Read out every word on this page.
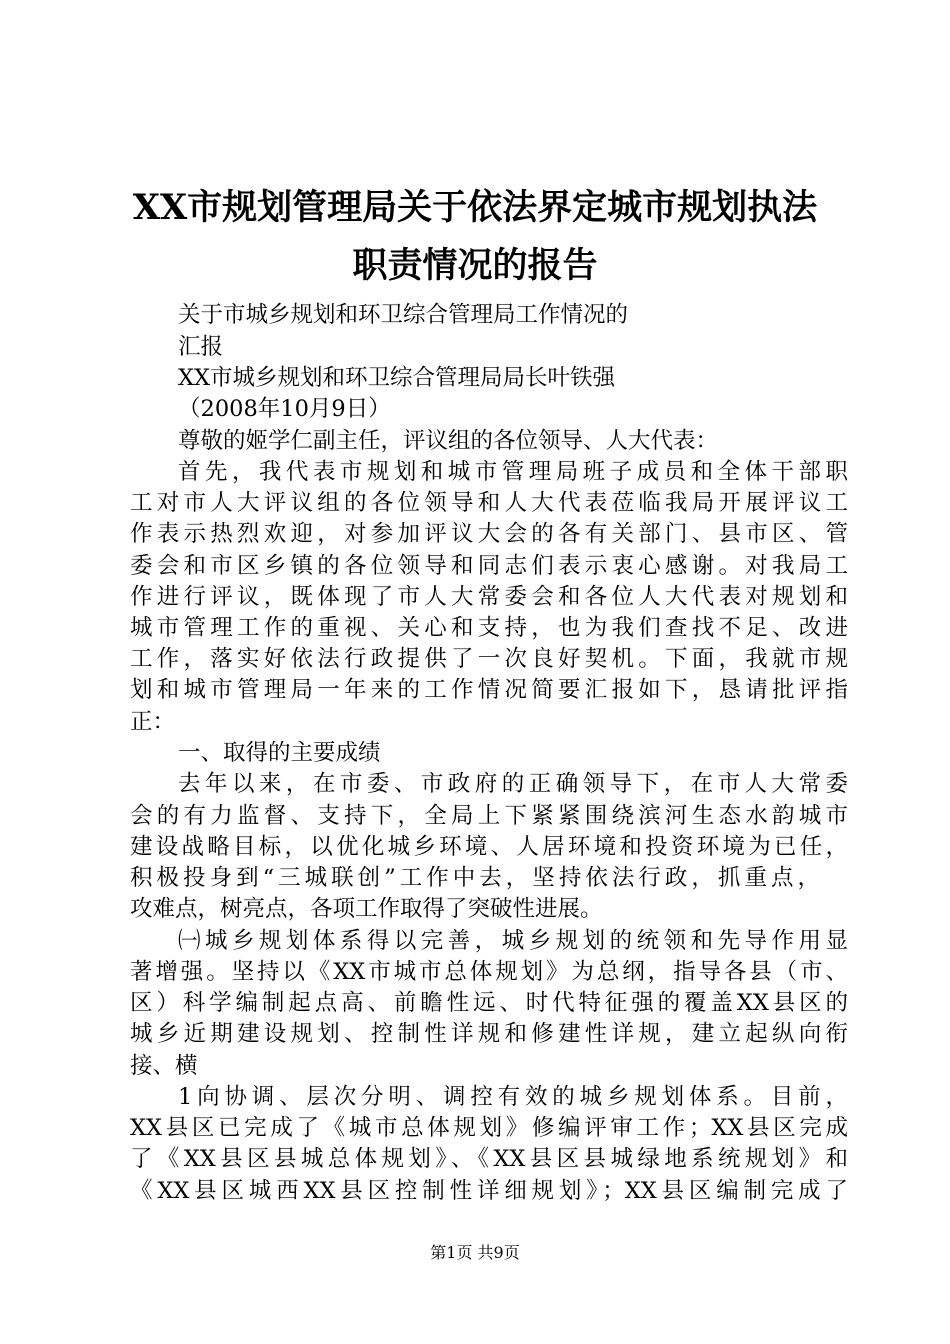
XX市规划管理局关于依法界定城市规划执法
职责情况的报告

关于市城乡规划和环卫综合管理局工作情况的

汇报

XX市城乡规划和环卫综合管理局局长叶铁强

（2008年10月9日）

尊敬的姬学仁副主任，评议组的各位领导、人大代表：

首先，我代表市规划和城市管理局班子成员和全体干部职

工对市人大评议组的各位领导和人大代表莅临我局开展评议工

作表示热烈欢迎，对参加评议大会的各有关部门、县市区、管

委会和市区乡镇的各位领导和同志们表示衷心感谢。对我局工

作进行评议，既体现了市人大常委会和各位人大代表对规划和

城市管理工作的重视、关心和支持，也为我们查找不足、改进

工作，落实好依法行政提供了一次良好契机。下面，我就市规

划和城市管理局一年来的工作情况简要汇报如下，恳请批评指

正：

一、取得的主要成绩

去年以来，在市委、市政府的正确领导下，在市人大常委

会的有力监督、支持下，全局上下紧紧围绕滨河生态水韵城市

建设战略目标，以优化城乡环境、人居环境和投资环境为已任，

积极投身到“三城联创”工作中去，坚持依法行政，抓重点，

攻难点，树亮点，各项工作取得了突破性进展。

㈠城乡规划体系得以完善，城乡规划的统领和先导作用显

著增强。坚持以《XX市城市总体规划》为总纲，指导各县（市、

区）科学编制起点高、前瞻性远、时代特征强的覆盖XX县区的

城乡近期建设规划、控制性详规和修建性详规，建立起纵向衔

接、横

1向协调、层次分明、调控有效的城乡规划体系。目前，

XX县区已完成了《城市总体规划》修编评审工作；XX县区完成

了《XX县区县城总体规划》、《XX县区县城绿地系统规划》和

《XX县区城西XX县区控制性详细规划》；XX县区编制完成了

第1页 共9页
